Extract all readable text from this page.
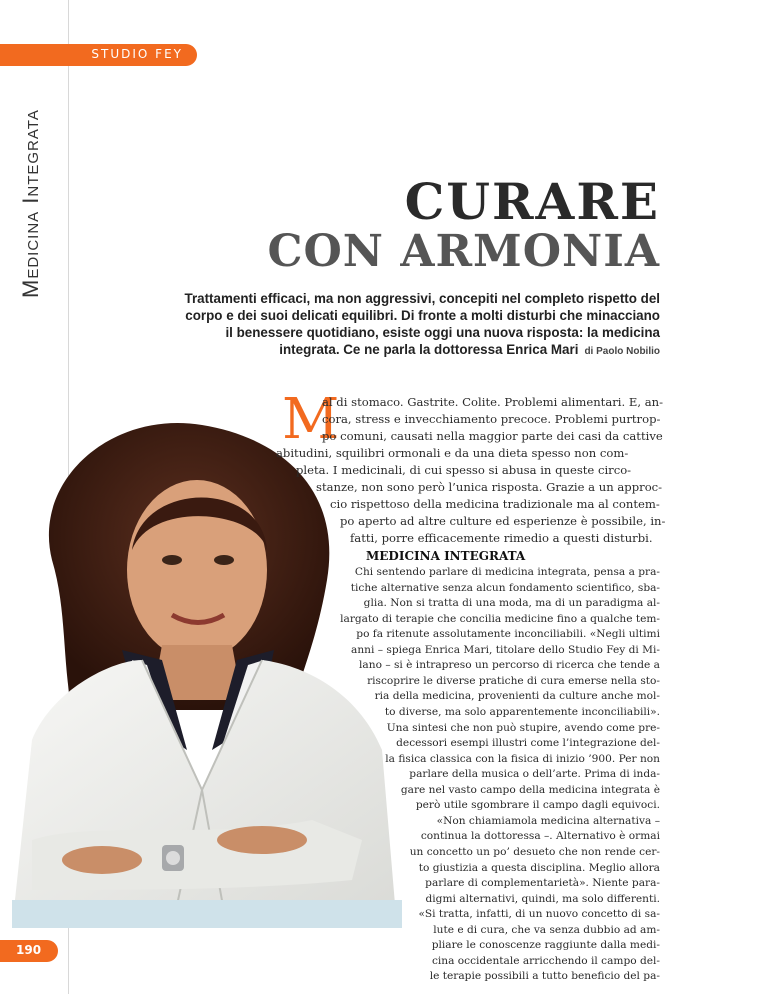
STUDIO FEY
Medicina Integrata	CURARE
CON ARMONIA
Trattamenti efficaci, ma non aggressivi, concepiti nel completo rispetto del corpo e dei suoi delicati equilibri. Di fronte a molti disturbi che minacciano il benessere quotidiano, esiste oggi una nuova risposta: la medicina integrata. Ce ne parla la dottoressa Enrica Mari di Paolo Nobilio
M
al di stomaco. Gastrite. Colite. Problemi alimentari. E, an-
cora, stress e invecchiamento precoce. Problemi purtrop-
po comuni, causati nella maggior parte dei casi da cattive
abitudini, squilibri ormonali e da una dieta spesso non com-
pleta. I medicinali, di cui spesso si abusa in queste circo-
stanze, non sono però l’unica risposta. Grazie a un approc-
cio rispettoso della medicina tradizionale ma al contem-
po aperto ad altre culture ed esperienze è possibile, in-
fatti, porre efficacemente rimedio a questi disturbi.
MEDICINA INTEGRATA
Chi sentendo parlare di medicina integrata, pensa a pra-
tiche alternative senza alcun fondamento scientifico, sba-
glia. Non si tratta di una moda, ma di un paradigma al-
largato di terapie che concilia medicine fino a qualche tem-
po fa ritenute assolutamente inconciliabili. «Negli ultimi
anni – spiega Enrica Mari, titolare dello Studio Fey di Mi-
lano – si è intrapreso un percorso di ricerca che tende a
riscoprire le diverse pratiche di cura emerse nella sto-
ria della medicina, provenienti da culture anche mol-
to diverse, ma solo apparentemente inconciliabili».
Una sintesi che non può stupire, avendo come pre-
decessori esempi illustri come l’integrazione del-
la fisica classica con la fisica di inizio ’900. Per non
parlare della musica o dell’arte. Prima di inda-
gare nel vasto campo della medicina integrata è
però utile sgombrare il campo dagli equivoci.
«Non chiamiamola medicina alternativa –
continua la dottoressa –. Alternativo è ormai
un concetto un po’ desueto che non rende cer-
to giustizia a questa disciplina. Meglio allora
parlare di complementarietà». Niente para-
digmi alternativi, quindi, ma solo differenti.
«Si tratta, infatti, di un nuovo concetto di sa-
lute e di cura, che va senza dubbio ad am-
pliare le conoscenze raggiunte dalla medi-
cina occidentale arricchendo il campo del-
le terapie possibili a tutto beneficio del pa-
190
